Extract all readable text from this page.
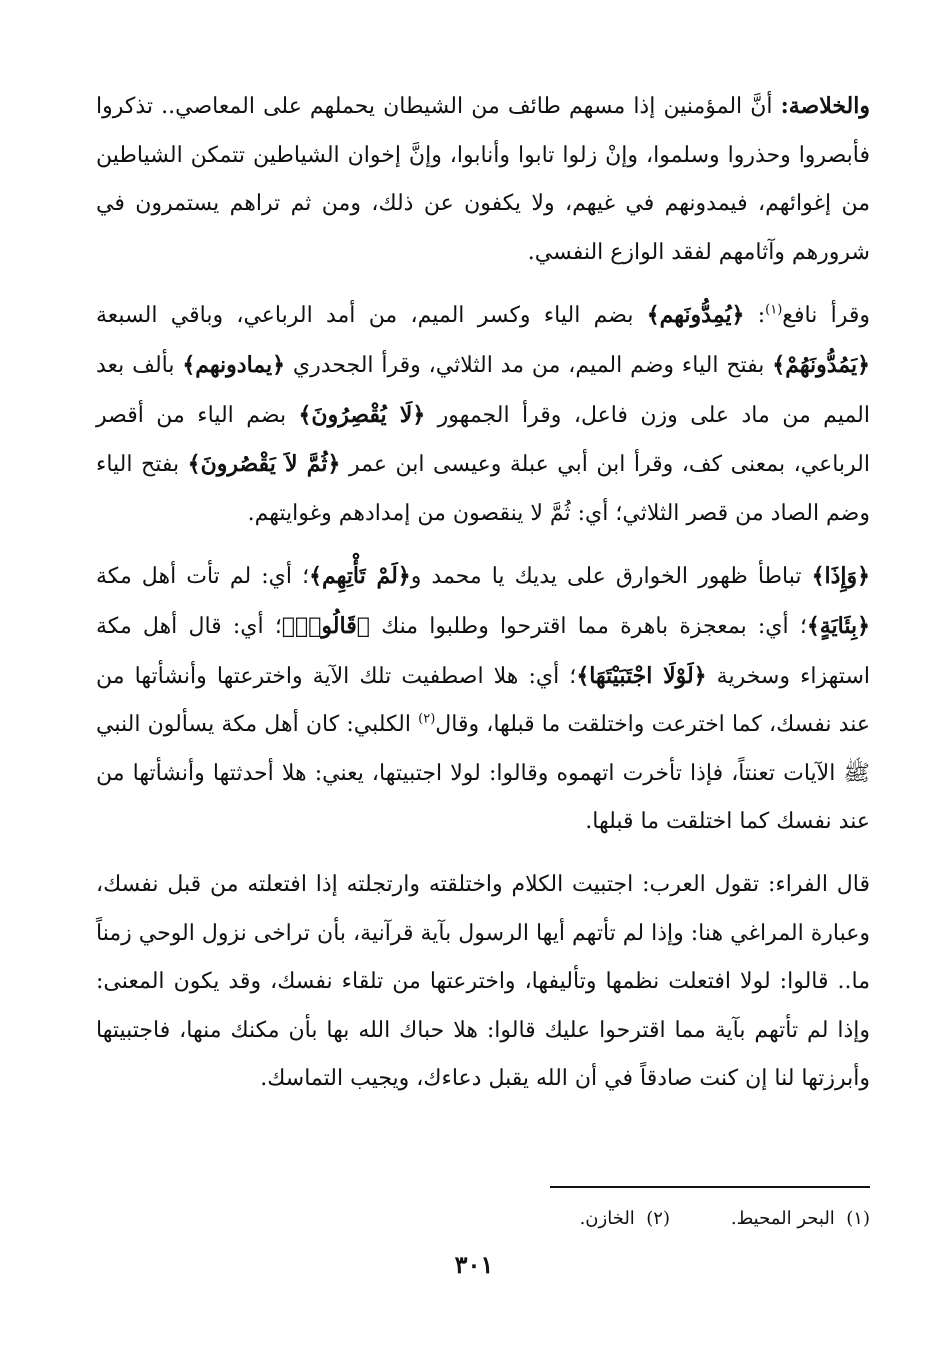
والخلاصة: أنَّ المؤمنين إذا مسهم طائف من الشيطان يحملهم على المعاصي.. تذكروا فأبصروا وحذروا وسلموا، وإنْ زلوا تابوا وأنابوا، وإنَّ إخوان الشياطين تتمكن الشياطين من إغوائهم، فيمدونهم في غيهم، ولا يكفون عن ذلك، ومن ثم تراهم يستمرون في شرورهم وآثامهم لفقد الوازع النفسي.

وقرأ نافع$^{(١)}$: ﴿يُمِدُّونَهم﴾ بضم الياء وكسر الميم، من أمد الرباعي، وباقي السبعة ﴿يَمُدُّونَهُمْ﴾ بفتح الياء وضم الميم، من مد الثلاثي، وقرأ الجحدري ﴿يمادونهم﴾ بألف بعد الميم من ماد على وزن فاعل، وقرأ الجمهور ﴿لَا يُقْصِرُونَ﴾ بضم الياء من أقصر الرباعي، بمعنى كف، وقرأ ابن أبي عبلة وعيسى ابن عمر ﴿ثُمَّ لاَ يَقْصُرونَ﴾ بفتح الياء وضم الصاد من قصر الثلاثي؛ أي: ثُمَّ لا ينقصون من إمدادهم وغوايتهم.

﴿وَإِذَا﴾ تباطأ ظهور الخوارق على يديك يا محمد و﴿لَمْ تَأْتِهِم﴾؛ أي: لم تأت أهل مكة ﴿بِئَايَةٍ﴾؛ أي: بمعجزة باهرة مما اقترحوا وطلبوا منك ﴿قَالُوا۟﴾؛ أي: قال أهل مكة استهزاء وسخرية ﴿لَوْلَا اجْتَبَيْتَهَا﴾؛ أي: هلا اصطفيت تلك الآية واخترعتها وأنشأتها من عند نفسك، كما اخترعت واختلقت ما قبلها، وقال$^{(٢)}$ الكلبي: كان أهل مكة يسألون النبي ﷺ الآيات تعنتاً، فإذا تأخرت اتهموه وقالوا: لولا اجتبيتها، يعني: هلا أحدثتها وأنشأتها من عند نفسك كما اختلقت ما قبلها.

قال الفراء: تقول العرب: اجتبيت الكلام واختلقته وارتجلته إذا افتعلته من قبل نفسك، وعبارة المراغي هنا: وإذا لم تأتهم أيها الرسول بآية قرآنية، بأن تراخى نزول الوحي زمناً ما.. قالوا: لولا افتعلت نظمها وتأليفها، واخترعتها من تلقاء نفسك، وقد يكون المعنى: وإذا لم تأتهم بآية مما اقترحوا عليك قالوا: هلا حباك الله بها بأن مكنك منها، فاجتبيتها وأبرزتها لنا إن كنت صادقاً في أن الله يقبل دعاءك، ويجيب التماسك.

(١)  البحر المحيط.
(٢)  الخازن.
٣٠١
